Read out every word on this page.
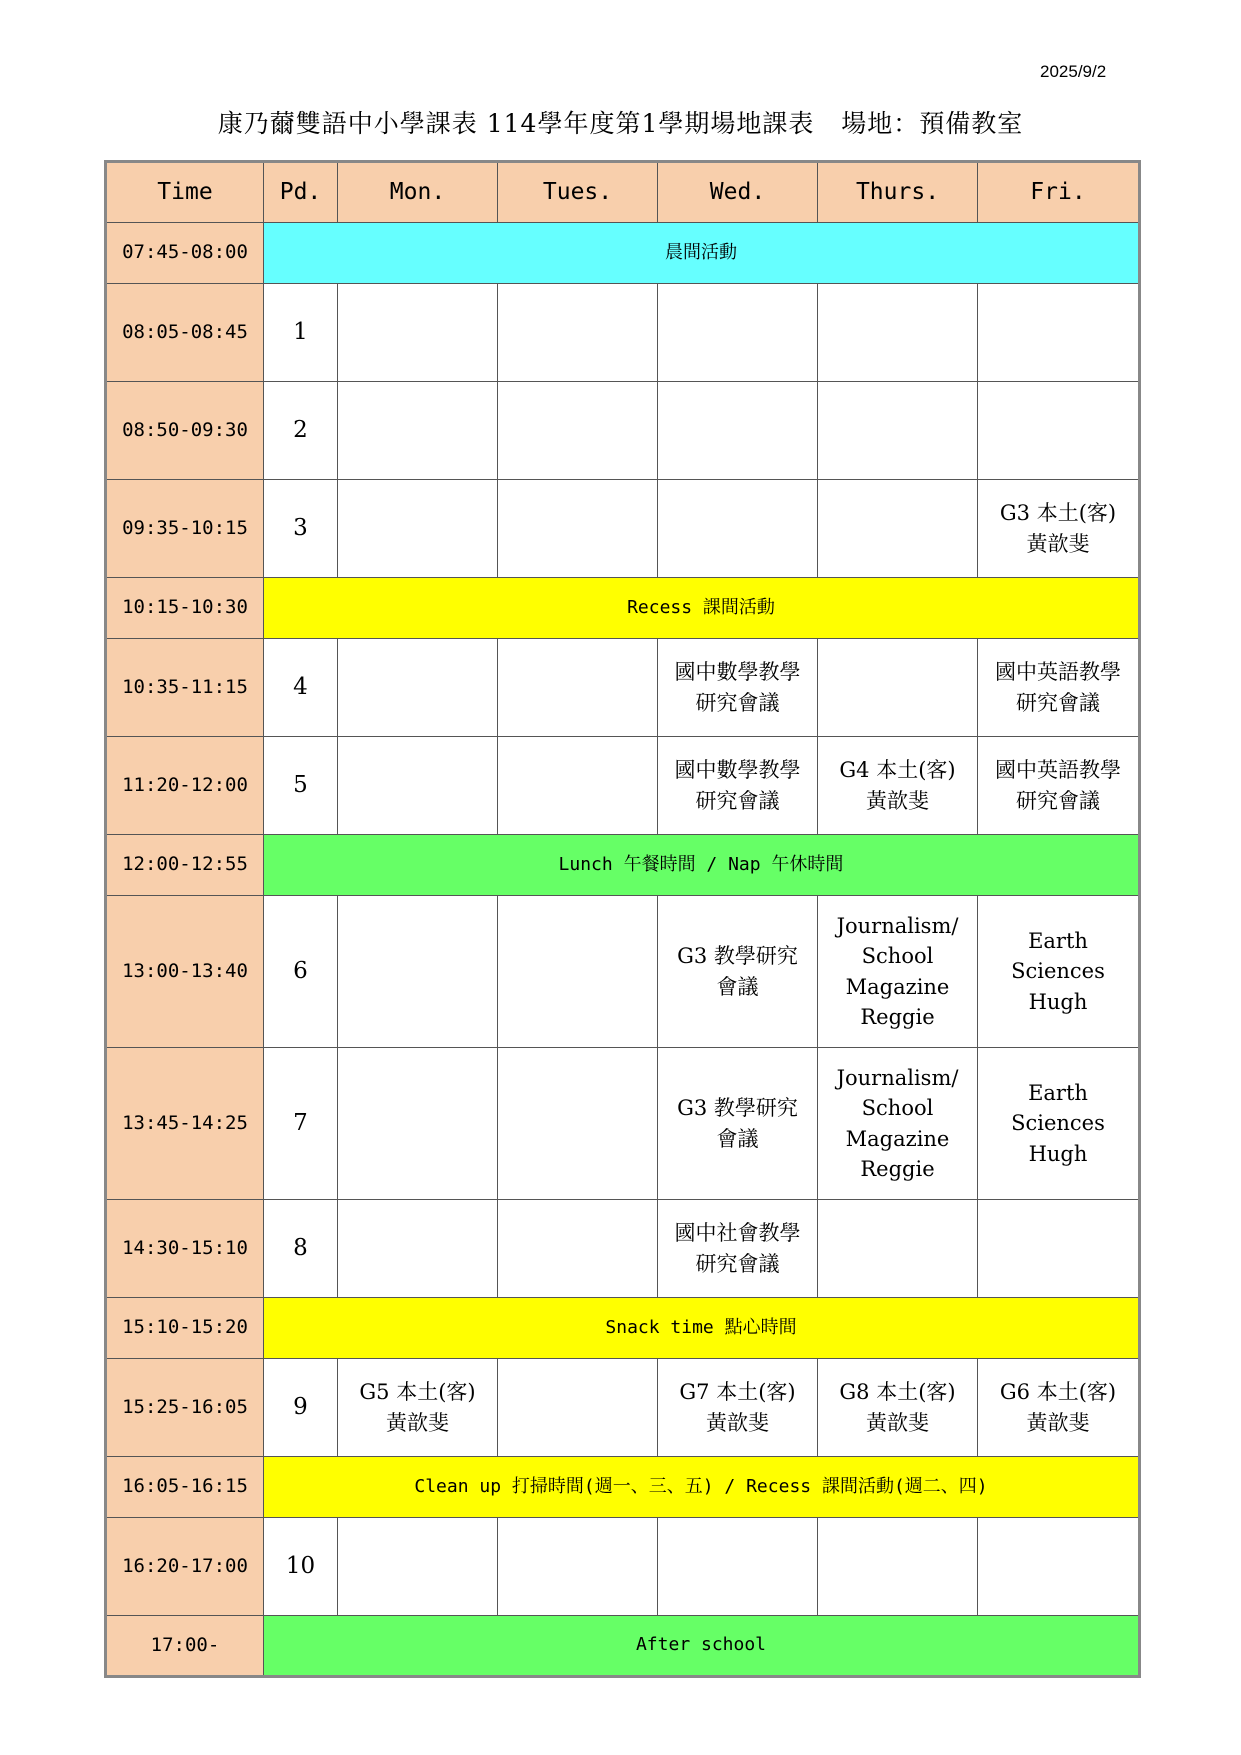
2025/9/2
康乃薾雙語中小學課表 114學年度第1學期場地課表   場地：預備教室
Time	Pd.	Mon.	Tues.	Wed.	Thurs.	Fri.
07:45-08:00	晨間活動					
08:05-08:45	1					
08:50-09:30	2					
09:35-10:15	3					G3 本土(客)
黃歆斐
10:15-10:30	Recess 課間活動					
10:35-11:15	4			國中數學教學
研究會議		國中英語教學
研究會議
11:20-12:00	5			國中數學教學
研究會議	G4 本土(客)
黃歆斐	國中英語教學
研究會議
12:00-12:55	Lunch 午餐時間 / Nap 午休時間					
13:00-13:40	6			G3 教學研究
會議	Journalism/
School
Magazine
Reggie	Earth
Sciences
Hugh
13:45-14:25	7			G3 教學研究
會議	Journalism/
School
Magazine
Reggie	Earth
Sciences
Hugh
14:30-15:10	8			國中社會教學
研究會議		
15:10-15:20	Snack time 點心時間					
15:25-16:05	9	G5 本土(客)
黃歆斐		G7 本土(客)
黃歆斐	G8 本土(客)
黃歆斐	G6 本土(客)
黃歆斐
16:05-16:15	Clean up 打掃時間(週一、三、五) / Recess 課間活動(週二、四)					
16:20-17:00	10					
17:00-	After school					
